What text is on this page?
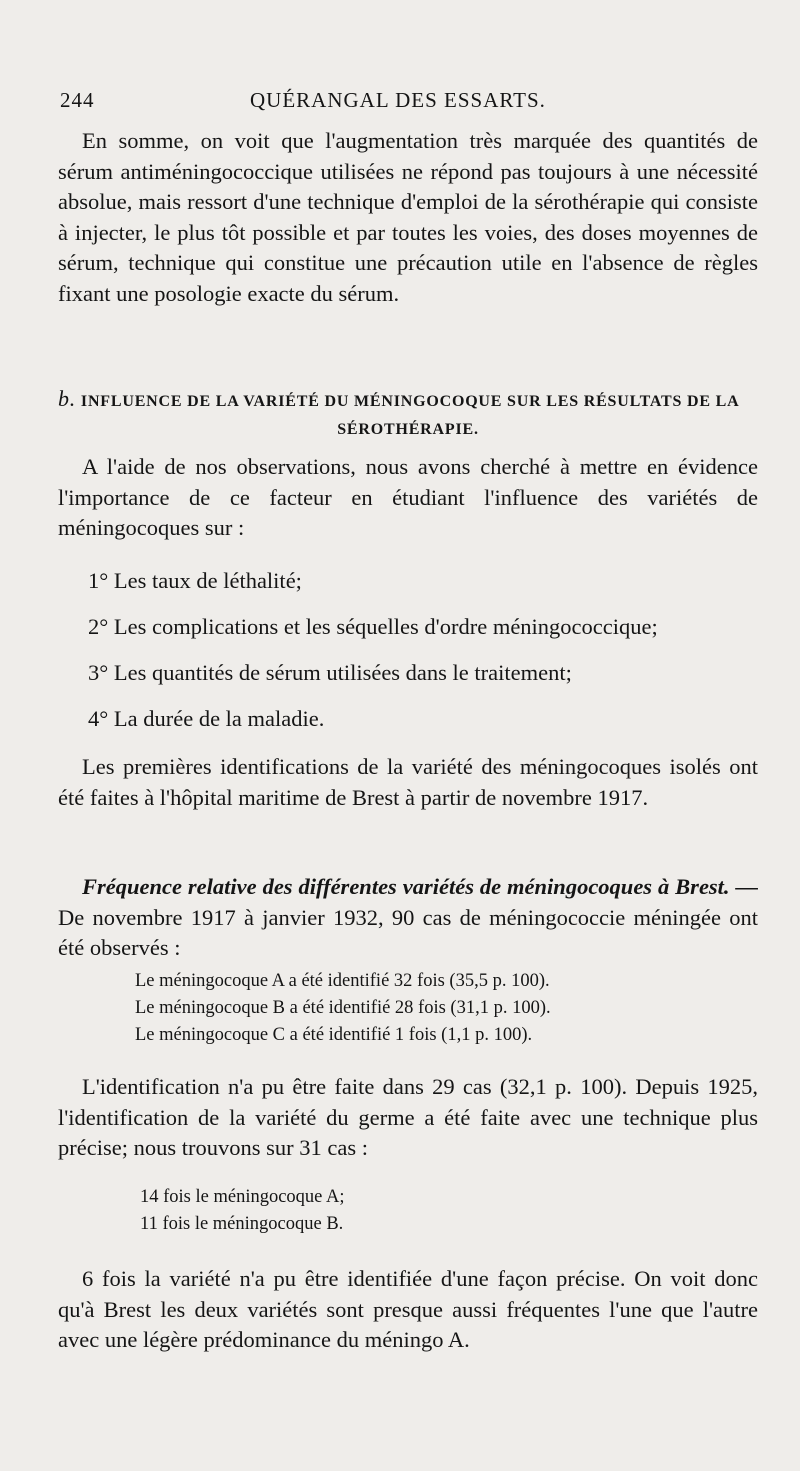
244	QUÉRANGAL DES ESSARTS.
En somme, on voit que l'augmentation très marquée des quantités de sérum antiméningococcique utilisées ne répond pas toujours à une nécessité absolue, mais ressort d'une technique d'emploi de la sérothérapie qui consiste à injecter, le plus tôt possible et par toutes les voies, des doses moyennes de sérum, technique qui constitue une précaution utile en l'absence de règles fixant une posologie exacte du sérum.
b. INFLUENCE DE LA VARIÉTÉ DU MÉNINGOCOQUE SUR LES RÉSULTATS DE LA
SÉROTHÉRAPIE.
A l'aide de nos observations, nous avons cherché à mettre en évidence l'importance de ce facteur en étudiant l'influence des variétés de méningocoques sur :
1° Les taux de léthalité;
2° Les complications et les séquelles d'ordre méningococcique;
3° Les quantités de sérum utilisées dans le traitement;
4° La durée de la maladie.
Les premières identifications de la variété des méningocoques isolés ont été faites à l'hôpital maritime de Brest à partir de novembre 1917.
Fréquence relative des différentes variétés de méningocoques à Brest. — De novembre 1917 à janvier 1932, 90 cas de méningococcie méningée ont été observés :
Le méningocoque A a été identifié 32 fois (35,5 p. 100).
Le méningocoque B a été identifié 28 fois (31,1 p. 100).
Le méningocoque C a été identifié 1 fois (1,1 p. 100).
L'identification n'a pu être faite dans 29 cas (32,1 p. 100). Depuis 1925, l'identification de la variété du germe a été faite avec une technique plus précise; nous trouvons sur 31 cas :
14 fois le méningocoque A;
11 fois le méningocoque B.
6 fois la variété n'a pu être identifiée d'une façon précise. On voit donc qu'à Brest les deux variétés sont presque aussi fréquentes l'une que l'autre avec une légère prédominance du méningo A.
